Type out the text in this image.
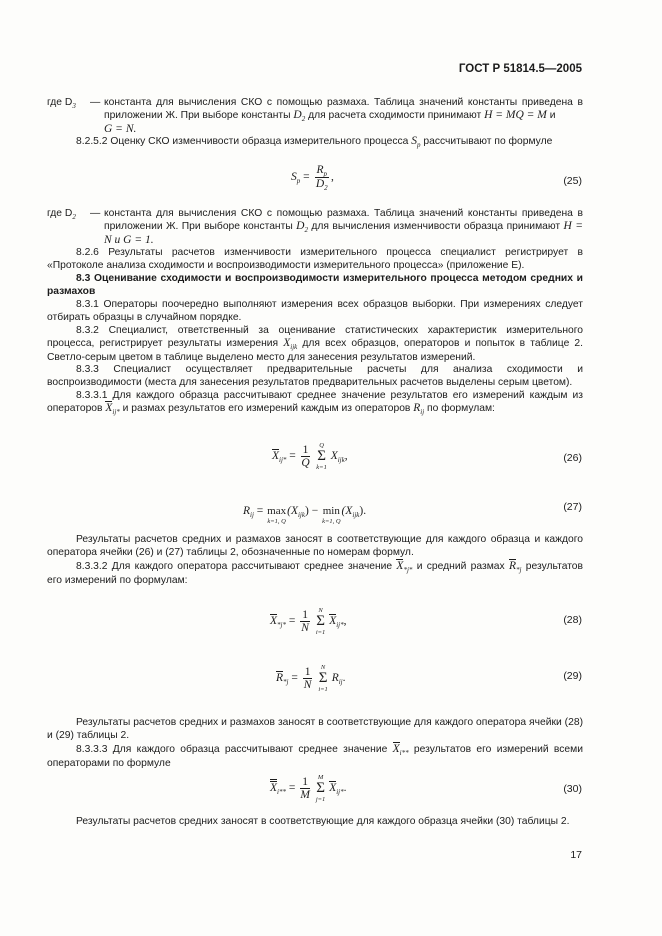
ГОСТ Р 51814.5—2005
где $D_3$ — константа для вычисления СКО с помощью размаха. Таблица значений константы приведена в приложении Ж. При выборе константы $D_2$ для расчета сходимости принимают H = MQ = M и
G = N.
8.2.5.2 Оценку СКО изменчивости образца измерительного процесса $S_p$ рассчитывают по формуле
$S_p = \frac{R_p}{D_2}$ ,	(25)
где $D_2$ — константа для вычисления СКО с помощью размаха. Таблица значений константы приведена в приложении Ж. При выборе константы $D_2$ для вычисления изменчивости образца принимают H = N и G = 1.
8.2.6 Результаты расчетов изменчивости измерительного процесса специалист регистрирует в «Протоколе анализа сходимости и воспроизводимости измерительного процесса» (приложение Е).
8.3 Оценивание сходимости и воспроизводимости измерительного процесса методом средних и размахов
8.3.1 Операторы поочередно выполняют измерения всех образцов выборки. При измерениях следует отбирать образцы в случайном порядке.
8.3.2 Специалист, ответственный за оценивание статистических характеристик измерительного процесса, регистрирует результаты измерения $X_{ijk}$ для всех образцов, операторов и попыток в таблице 2. Светло-серым цветом в таблице выделено место для занесения результатов измерений.
8.3.3 Специалист осуществляет предварительные расчеты для анализа сходимости и воспроизводимости (места для занесения результатов предварительных расчетов выделены серым цветом).
8.3.3.1 Для каждого образца рассчитывают среднее значение результатов его измерений каждым из операторов $X_{ij*}$ и размах результатов его измерений каждым из операторов $R_{ij}$ по формулам:
$X_{ij*} = \frac{1}{Q}$
	Q
Σ
k=1
$X_{ijk}$,	(26)
$R_{ij}$ =
max
k=1, Q
$(X_{ijk})$ −
min
k=1, Q
$(X_{ijk})$.	(27)
Результаты расчетов средних и размахов заносят в соответствующие для каждого образца и каждого оператора ячейки (26) и (27) таблицы 2, обозначенные по номерам формул.
8.3.3.2 Для каждого оператора рассчитывают среднее значение $X_{*j*}$ и средний размах $R_{*j}$ результатов его измерений по формулам:
$X_{*j*} = \frac{1}{N}$
	N
Σ
i=1
$X_{ij*}$,	(28)
$R_{*j} = \frac{1}{N}$
	N
Σ
i=1
$R_{ij}$.	(29)
Результаты расчетов средних и размахов заносят в соответствующие для каждого оператора ячейки (28) и (29) таблицы 2.
8.3.3.3 Для каждого образца рассчитывают среднее значение $X_{i**}$ результатов его измерений всеми операторами по формуле
$X_{i**} = \frac{1}{M}$
	M
Σ
j=1
$X_{ij*}$.	(30)
Результаты расчетов средних заносят в соответствующие для каждого образца ячейки (30) таблицы 2.
17
